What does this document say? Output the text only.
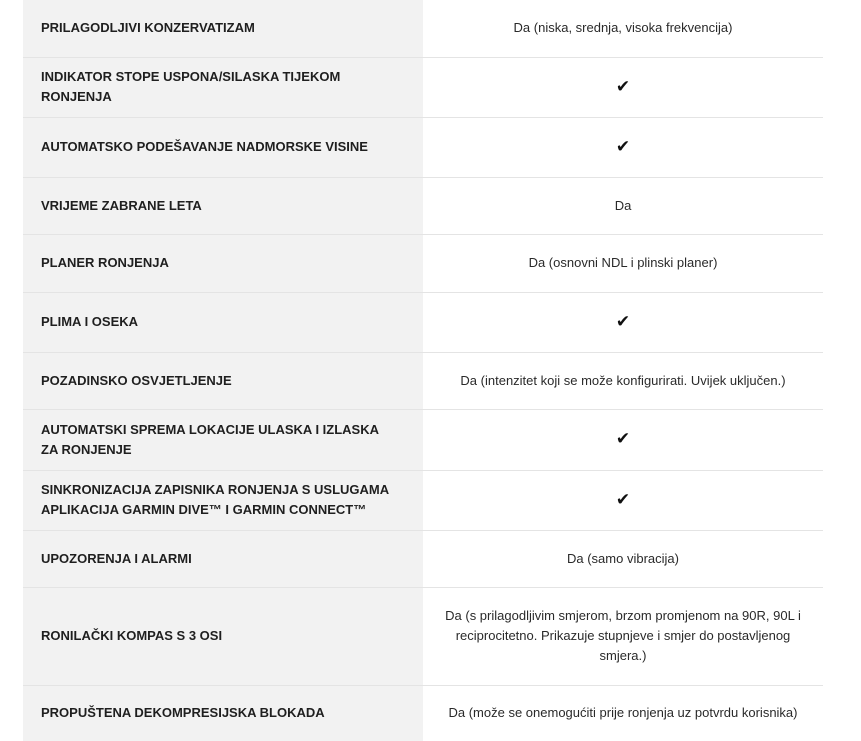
PRILAGODLJIVI KONZERVATIZAM	Da (niska, srednja, visoka frekvencija)
INDIKATOR STOPE USPONA/SILASKA TIJEKOM RONJENJA	✔
AUTOMATSKO PODEŠAVANJE NADMORSKE VISINE	✔
VRIJEME ZABRANE LETA	Da
PLANER RONJENJA	Da (osnovni NDL i plinski planer)
PLIMA I OSEKA	✔
POZADINSKO OSVJETLJENJE	Da (intenzitet koji se može konfigurirati. Uvijek uključen.)
AUTOMATSKI SPREMA LOKACIJE ULASKA I IZLASKA ZA RONJENJE	✔
SINKRONIZACIJA ZAPISNIKA RONJENJA S USLUGAMA APLIKACIJA GARMIN DIVE™ I GARMIN CONNECT™	✔
UPOZORENJA I ALARMI	Da (samo vibracija)
RONILAČKI KOMPAS S 3 OSI	Da (s prilagodljivim smjerom, brzom promjenom na 90R, 90L i reciprocitetno. Prikazuje stupnjeve i smjer do postavljenog smjera.)
PROPUŠTENA DEKOMPRESIJSKA BLOKADA	Da (može se onemogućiti prije ronjenja uz potvrdu korisnika)
